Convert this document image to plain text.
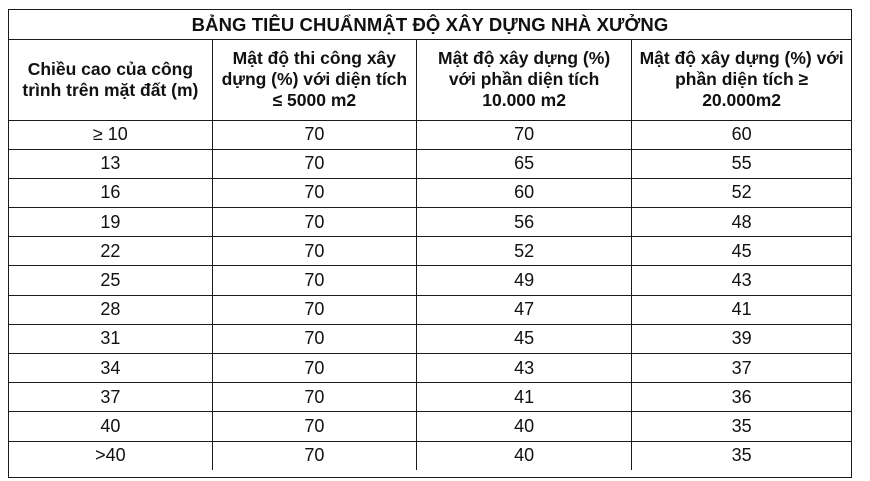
BẢNG TIÊU CHUẨNMẬT ĐỘ XÂY DỰNG NHÀ XƯỞNG
Chiều cao của công trình trên mặt đất (m)	Mật độ thi công xây dựng (%) với diện tích ≤ 5000 m2	Mật độ xây dựng (%) với phần diện tích 10.000 m2	Mật độ xây dựng (%) với phần diện tích ≥ 20.000m2
≥ 10	70	70	60
13	70	65	55
16	70	60	52
19	70	56	48
22	70	52	45
25	70	49	43
28	70	47	41
31	70	45	39
34	70	43	37
37	70	41	36
40	70	40	35
>40	70	40	35
